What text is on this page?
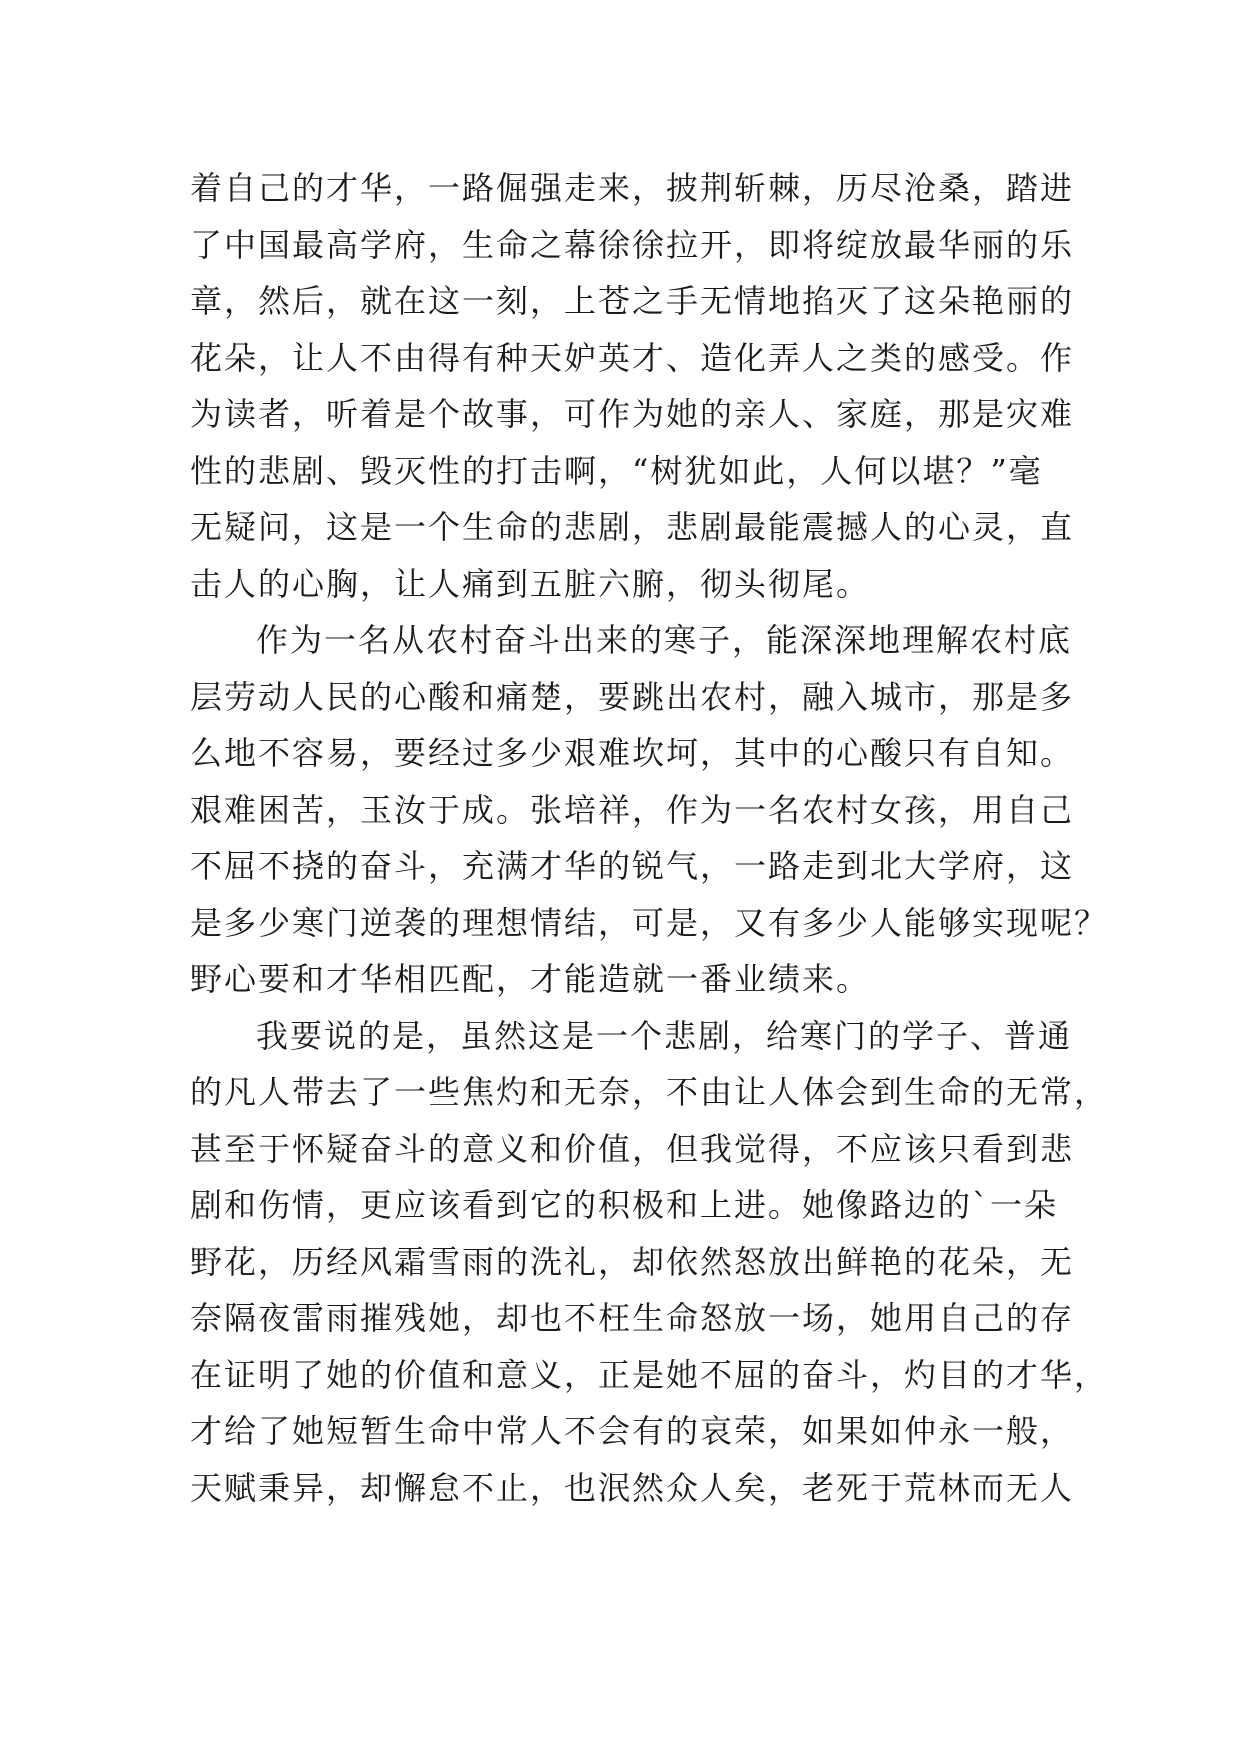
着自己的才华，一路倔强走来，披荆斩棘，历尽沧桑，踏进
了中国最高学府，生命之幕徐徐拉开，即将绽放最华丽的乐
章，然后，就在这一刻，上苍之手无情地掐灭了这朵艳丽的
花朵，让人不由得有种天妒英才、造化弄人之类的感受。作
为读者，听着是个故事，可作为她的亲人、家庭，那是灾难
性的悲剧、毁灭性的打击啊，“树犹如此，人何以堪？”毫
无疑问，这是一个生命的悲剧，悲剧最能震撼人的心灵，直
击人的心胸，让人痛到五脏六腑，彻头彻尾。
作为一名从农村奋斗出来的寒子，能深深地理解农村底
层劳动人民的心酸和痛楚，要跳出农村，融入城市，那是多
么地不容易，要经过多少艰难坎坷，其中的心酸只有自知。
艰难困苦，玉汝于成。张培祥，作为一名农村女孩，用自己
不屈不挠的奋斗，充满才华的锐气，一路走到北大学府，这
是多少寒门逆袭的理想情结，可是，又有多少人能够实现呢？
野心要和才华相匹配，才能造就一番业绩来。
我要说的是，虽然这是一个悲剧，给寒门的学子、普通
的凡人带去了一些焦灼和无奈，不由让人体会到生命的无常，
甚至于怀疑奋斗的意义和价值，但我觉得，不应该只看到悲
剧和伤情，更应该看到它的积极和上进。她像路边的`一朵
野花，历经风霜雪雨的洗礼，却依然怒放出鲜艳的花朵，无
奈隔夜雷雨摧残她，却也不枉生命怒放一场，她用自己的存
在证明了她的价值和意义，正是她不屈的奋斗，灼目的才华，
才给了她短暂生命中常人不会有的哀荣，如果如仲永一般，
天赋秉异，却懈怠不止，也泯然众人矣，老死于荒林而无人
